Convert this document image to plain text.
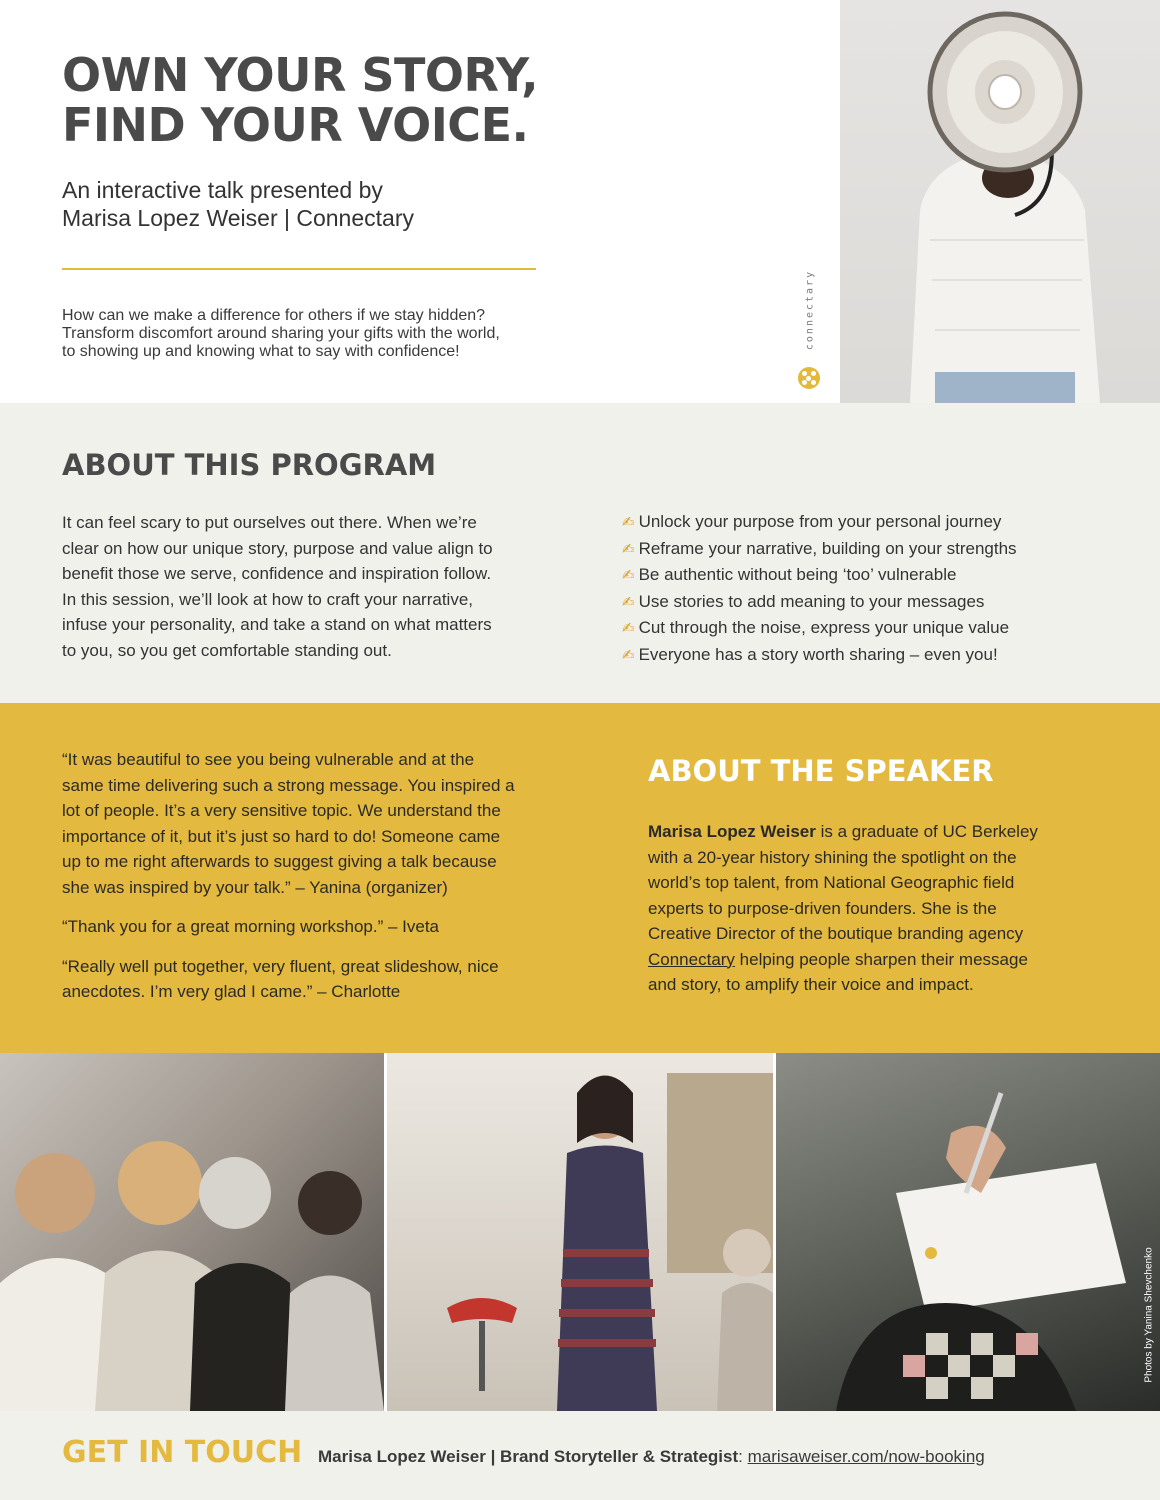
OWN YOUR STORY,
FIND YOUR VOICE.
An interactive talk presented by
Marisa Lopez Weiser | Connectary

How can we make a difference for others if we stay hidden?
Transform discomfort around sharing your gifts with the world,
to showing up and knowing what to say with confidence!

connectary
ABOUT THIS PROGRAM

It can feel scary to put ourselves out there. When we’re
clear on how our unique story, purpose and value align to
benefit those we serve, confidence and inspiration follow.
In this session, we’ll look at how to craft your narrative,
infuse your personality, and take a stand on what matters
to you, so you get comfortable standing out.

✍ Unlock your purpose from your personal journey
✍ Reframe your narrative, building on your strengths
✍ Be authentic without being ‘too’ vulnerable
✍ Use stories to add meaning to your messages
✍ Cut through the noise, express your unique value
✍ Everyone has a story worth sharing – even you!
“It was beautiful to see you being vulnerable and at the
same time delivering such a strong message. You inspired a
lot of people. It’s a very sensitive topic. We understand the
importance of it, but it’s just so hard to do! Someone came
up to me right afterwards to suggest giving a talk because
she was inspired by your talk.” – Yanina (organizer)
“Thank you for a great morning workshop.” – Iveta
“Really well put together, very fluent, great slideshow, nice
anecdotes. I’m very glad I came.” – Charlotte
ABOUT THE SPEAKER

Marisa Lopez Weiser is a graduate of UC Berkeley
with a 20-year history shining the spotlight on the
world’s top talent, from National Geographic field
experts to purpose-driven founders. She is the
Creative Director of the boutique branding agency
Connectary helping people sharpen their message
and story, to amplify their voice and impact.

Photos by Yanina Shevchenko
GET IN TOUCH Marisa Lopez Weiser | Brand Storyteller & Strategist: marisaweiser.com/now-booking
